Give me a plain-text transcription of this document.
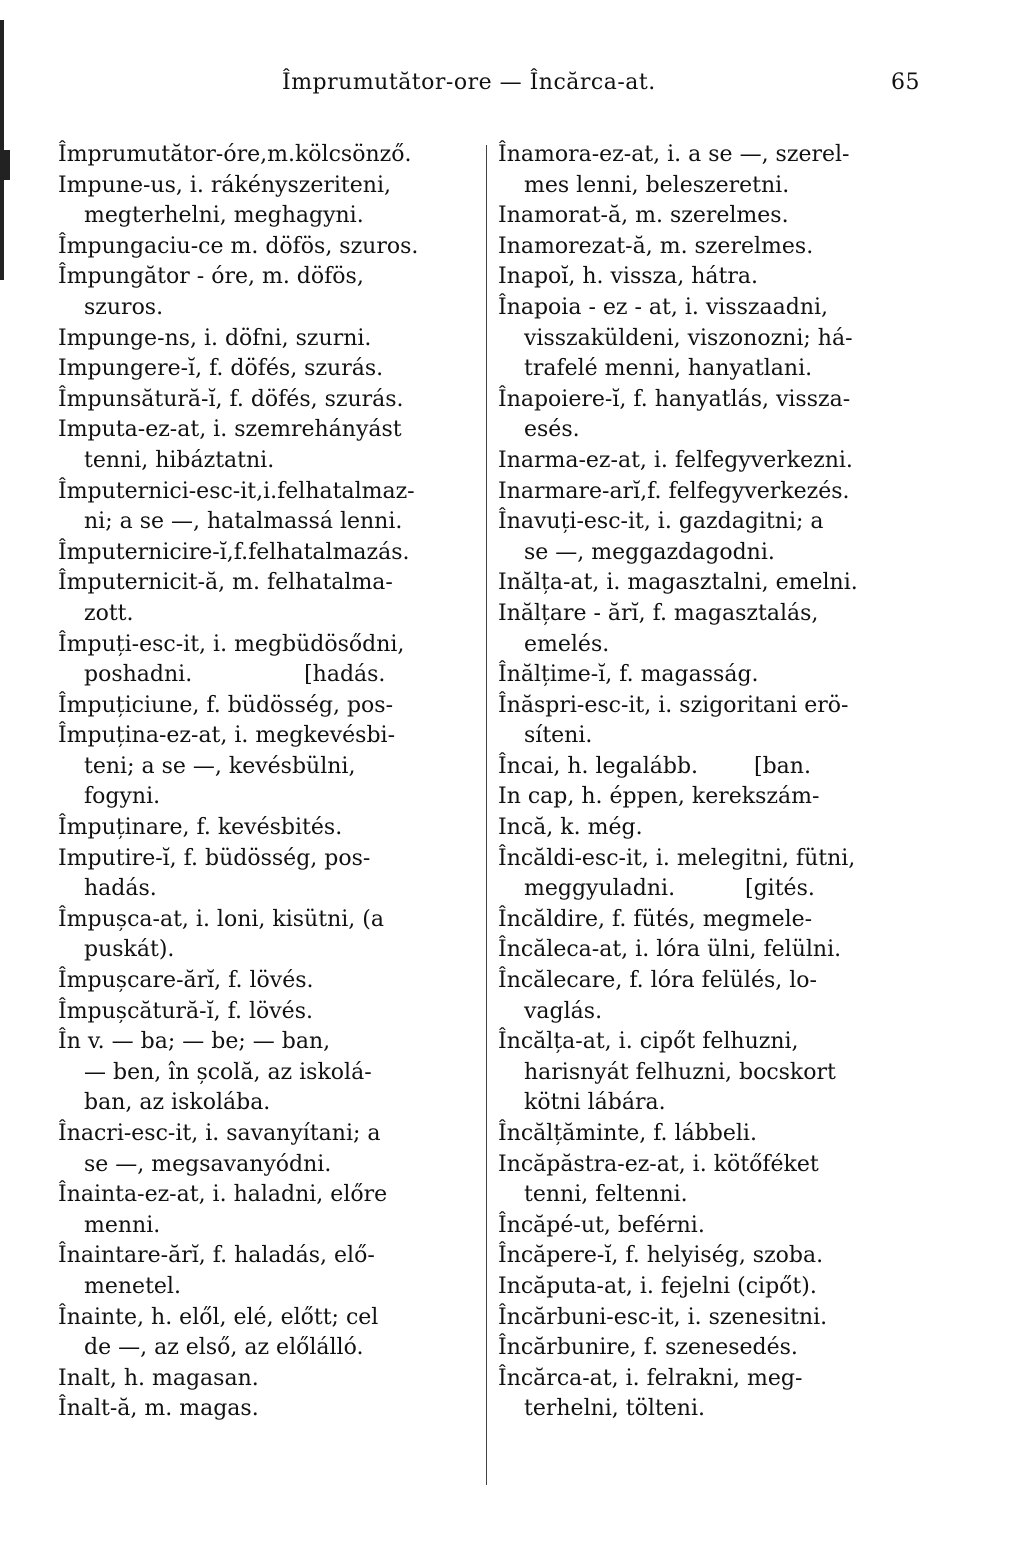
Împrumutător-ore — Încărca-at.	65
Împrumutător-óre,m.kölcsönző.
Impune-us, i. rákényszeriteni,
megterhelni, meghagyni.
Împungaciu-ce m. döfös, szuros.
Împungător - óre, m. döfös,
szuros.
Impunge-ns, i. döfni, szurni.
Impungere-ĭ, f. döfés, szurás.
Împunsătură-ĭ, f. döfés, szurás.
Imputa-ez-at, i. szemrehányást
tenni, hibáztatni.
Împuternici-esc-it,i.felhatalmaz-
ni; a se —, hatalmassá lenni.
Împuternicire-ĭ,f.felhatalmazás.
Împuternicit-ă, m. felhatalma-
zott.
Împuți-esc-it, i. megbüdösődni,
poshadni.                [hadás.
Împuțiciune, f. büdösség, pos-
Împuțina-ez-at, i. megkevésbi-
teni; a se —, kevésbülni,
fogyni.
Împuținare, f. kevésbités.
Imputire-ĭ, f. büdösség, pos-
hadás.
Împușca-at, i. loni, kisütni, (a
puskát).
Împușcare-ărĭ, f. lövés.
Împușcătură-ĭ, f. lövés.
În v. — ba; — be; — ban,
— ben, în școlă, az iskolá-
ban, az iskolába.
Înacri-esc-it, i. savanyítani; a
se —, megsavanyódni.
Înainta-ez-at, i. haladni, előre
menni.
Înaintare-ărĭ, f. haladás, elő-
menetel.
Înainte, h. elől, elé, előtt; cel
de —, az első, az előlálló.
Inalt, h. magasan.
Înalt-ă, m. magas.
Înamora-ez-at, i. a se —, szerel-
mes lenni, beleszeretni.
Inamorat-ă, m. szerelmes.
Inamorezat-ă, m. szerelmes.
Inapoĭ, h. vissza, hátra.
Înapoia - ez - at, i. visszaadni,
visszaküldeni, viszonozni; há-
trafelé menni, hanyatlani.
Înapoiere-ĭ, f. hanyatlás, vissza-
esés.
Inarma-ez-at, i. felfegyverkezni.
Inarmare-arĭ,f. felfegyverkezés.
Înavuți-esc-it, i. gazdagitni; a
se —, meggazdagodni.
Inălța-at, i. magasztalni, emelni.
Inălțare - ărĭ, f. magasztalás,
emelés.
Înălțime-ĭ, f. magasság.
Înăspri-esc-it, i. szigoritani erö-
síteni.
Încai, h. legalább.        [ban.
In cap, h. éppen, kerekszám-
Incă, k. még.
Încăldi-esc-it, i. melegitni, fütni,
meggyuladni.          [gités.
Încăldire, f. fütés, megmele-
Încăleca-at, i. lóra ülni, felülni.
Încălecare, f. lóra felülés, lo-
vaglás.
Încălța-at, i. cipőt felhuzni,
harisnyát felhuzni, bocskort
kötni lábára.
Încălțăminte, f. lábbeli.
Incăpăstra-ez-at, i. kötőféket
tenni, feltenni.
Încăpé-ut, beférni.
Încăpere-ĭ, f. helyiség, szoba.
Incăputa-at, i. fejelni (cipőt).
Încărbuni-esc-it, i. szenesitni.
Încărbunire, f. szenesedés.
Încărca-at, i. felrakni, meg-
terhelni, tölteni.
